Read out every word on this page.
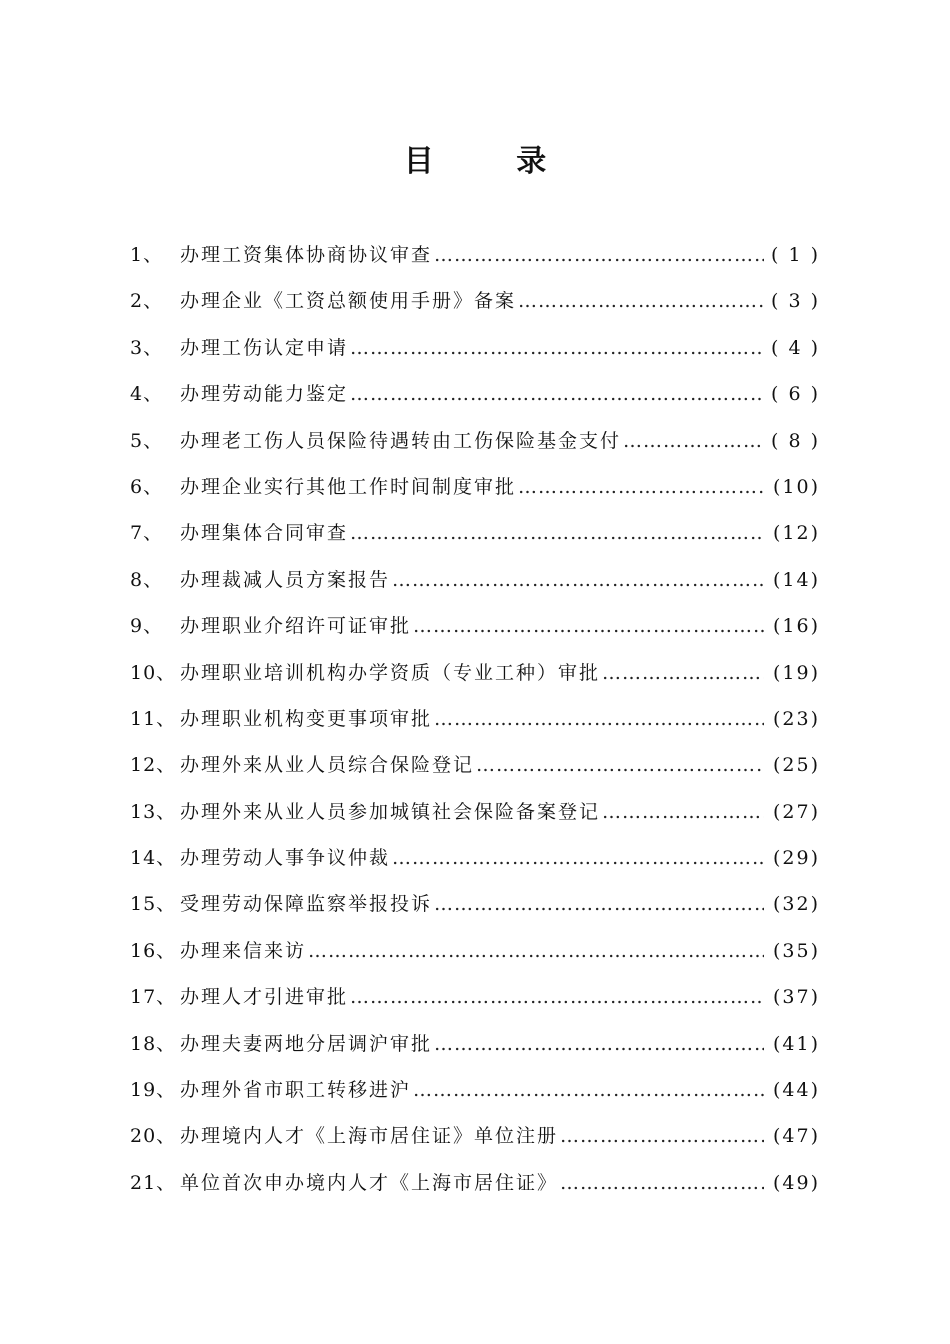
目 录
1、 办理工资集体协商协议审查 …………………………………………………………………………………………………………………………	( 1 )
2、 办理企业《工资总额使用手册》备案 …………………………………………………………………………………………………………………………	( 3 )
3、 办理工伤认定申请 …………………………………………………………………………………………………………………………	( 4 )
4、 办理劳动能力鉴定 …………………………………………………………………………………………………………………………	( 6 )
5、 办理老工伤人员保险待遇转由工伤保险基金支付 …………………………………………………………………………………………………………………………	( 8 )
6、 办理企业实行其他工作时间制度审批 …………………………………………………………………………………………………………………………	(10)
7、 办理集体合同审查 …………………………………………………………………………………………………………………………	(12)
8、 办理裁减人员方案报告 …………………………………………………………………………………………………………………………	(14)
9、 办理职业介绍许可证审批 …………………………………………………………………………………………………………………………	(16)
10、 办理职业培训机构办学资质（专业工种）审批 …………………………………………………………………………………………………………………………	(19)
11、 办理职业机构变更事项审批 …………………………………………………………………………………………………………………………	(23)
12、 办理外来从业人员综合保险登记 …………………………………………………………………………………………………………………………	(25)
13、 办理外来从业人员参加城镇社会保险备案登记 …………………………………………………………………………………………………………………………	(27)
14、 办理劳动人事争议仲裁 …………………………………………………………………………………………………………………………	(29)
15、 受理劳动保障监察举报投诉 …………………………………………………………………………………………………………………………	(32)
16、 办理来信来访 …………………………………………………………………………………………………………………………	(35)
17、 办理人才引进审批 …………………………………………………………………………………………………………………………	(37)
18、 办理夫妻两地分居调沪审批 …………………………………………………………………………………………………………………………	(41)
19、 办理外省市职工转移进沪 …………………………………………………………………………………………………………………………	(44)
20、 办理境内人才《上海市居住证》单位注册 …………………………………………………………………………………………………………………………	(47)
21、 单位首次申办境内人才《上海市居住证》 …………………………………………………………………………………………………………………………	(49)
